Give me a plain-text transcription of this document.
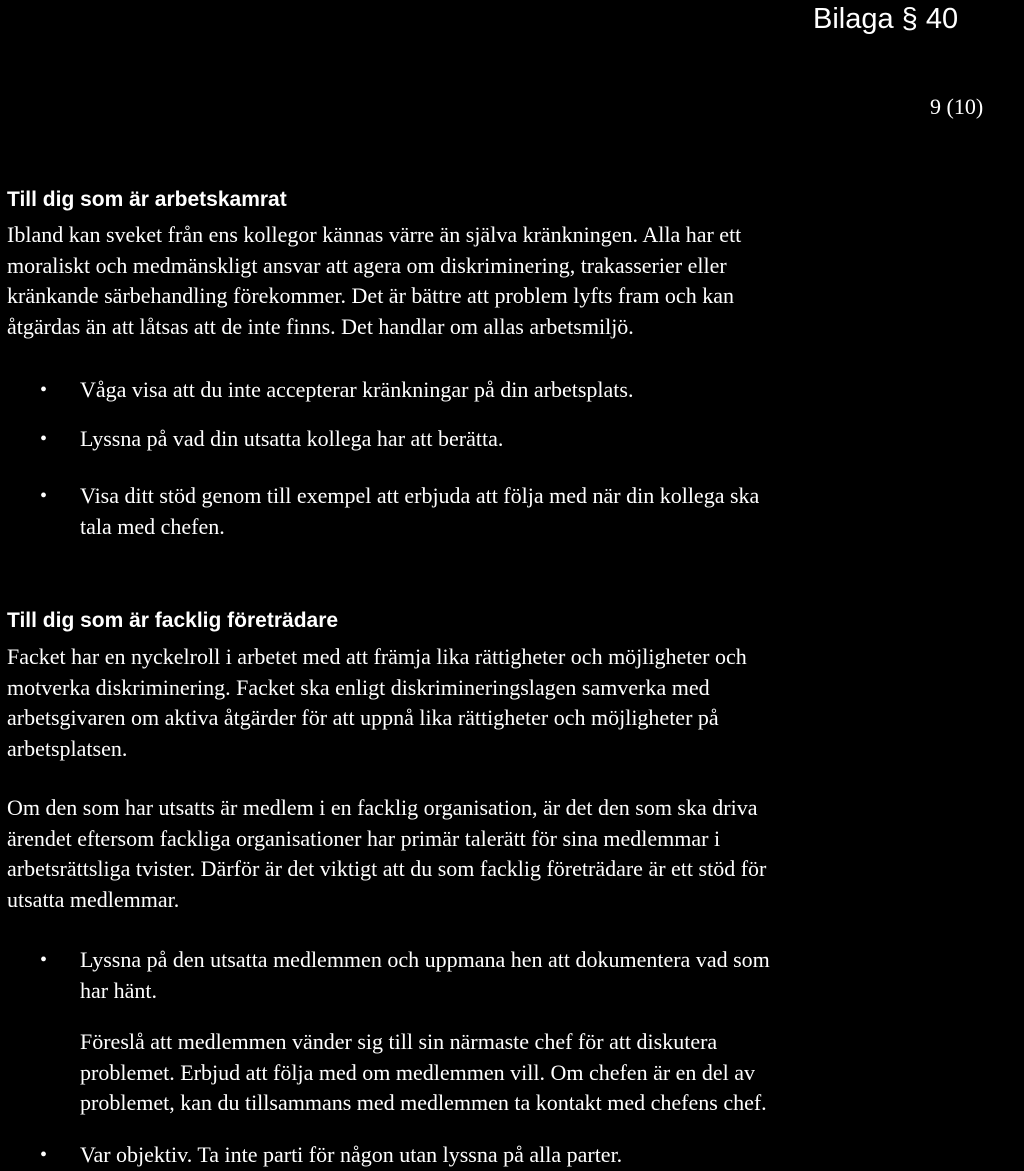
Bilaga § 40
9 (10)
Till dig som är arbetskamrat
Ibland kan sveket från ens kollegor kännas värre än själva kränkningen. Alla har ett
moraliskt och medmänskligt ansvar att agera om diskriminering, trakasserier eller
kränkande särbehandling förekommer. Det är bättre att problem lyfts fram och kan
åtgärdas än att låtsas att de inte finns. Det handlar om allas arbetsmiljö.
•	Våga visa att du inte accepterar kränkningar på din arbetsplats.
•	Lyssna på vad din utsatta kollega har att berätta.
•	Visa ditt stöd genom till exempel att erbjuda att följa med när din kollega ska
tala med chefen.
Till dig som är facklig företrädare
Facket har en nyckelroll i arbetet med att främja lika rättigheter och möjligheter och
motverka diskriminering. Facket ska enligt diskrimineringslagen samverka med
arbetsgivaren om aktiva åtgärder för att uppnå lika rättigheter och möjligheter på
arbetsplatsen.
Om den som har utsatts är medlem i en facklig organisation, är det den som ska driva
ärendet eftersom fackliga organisationer har primär talerätt för sina medlemmar i
arbetsrättsliga tvister. Därför är det viktigt att du som facklig företrädare är ett stöd för
utsatta medlemmar.
•	Lyssna på den utsatta medlemmen och uppmana hen att dokumentera vad som
har hänt.
Föreslå att medlemmen vänder sig till sin närmaste chef för att diskutera
problemet. Erbjud att följa med om medlemmen vill. Om chefen är en del av
problemet, kan du tillsammans med medlemmen ta kontakt med chefens chef.
•	Var objektiv. Ta inte parti för någon utan lyssna på alla parter.
